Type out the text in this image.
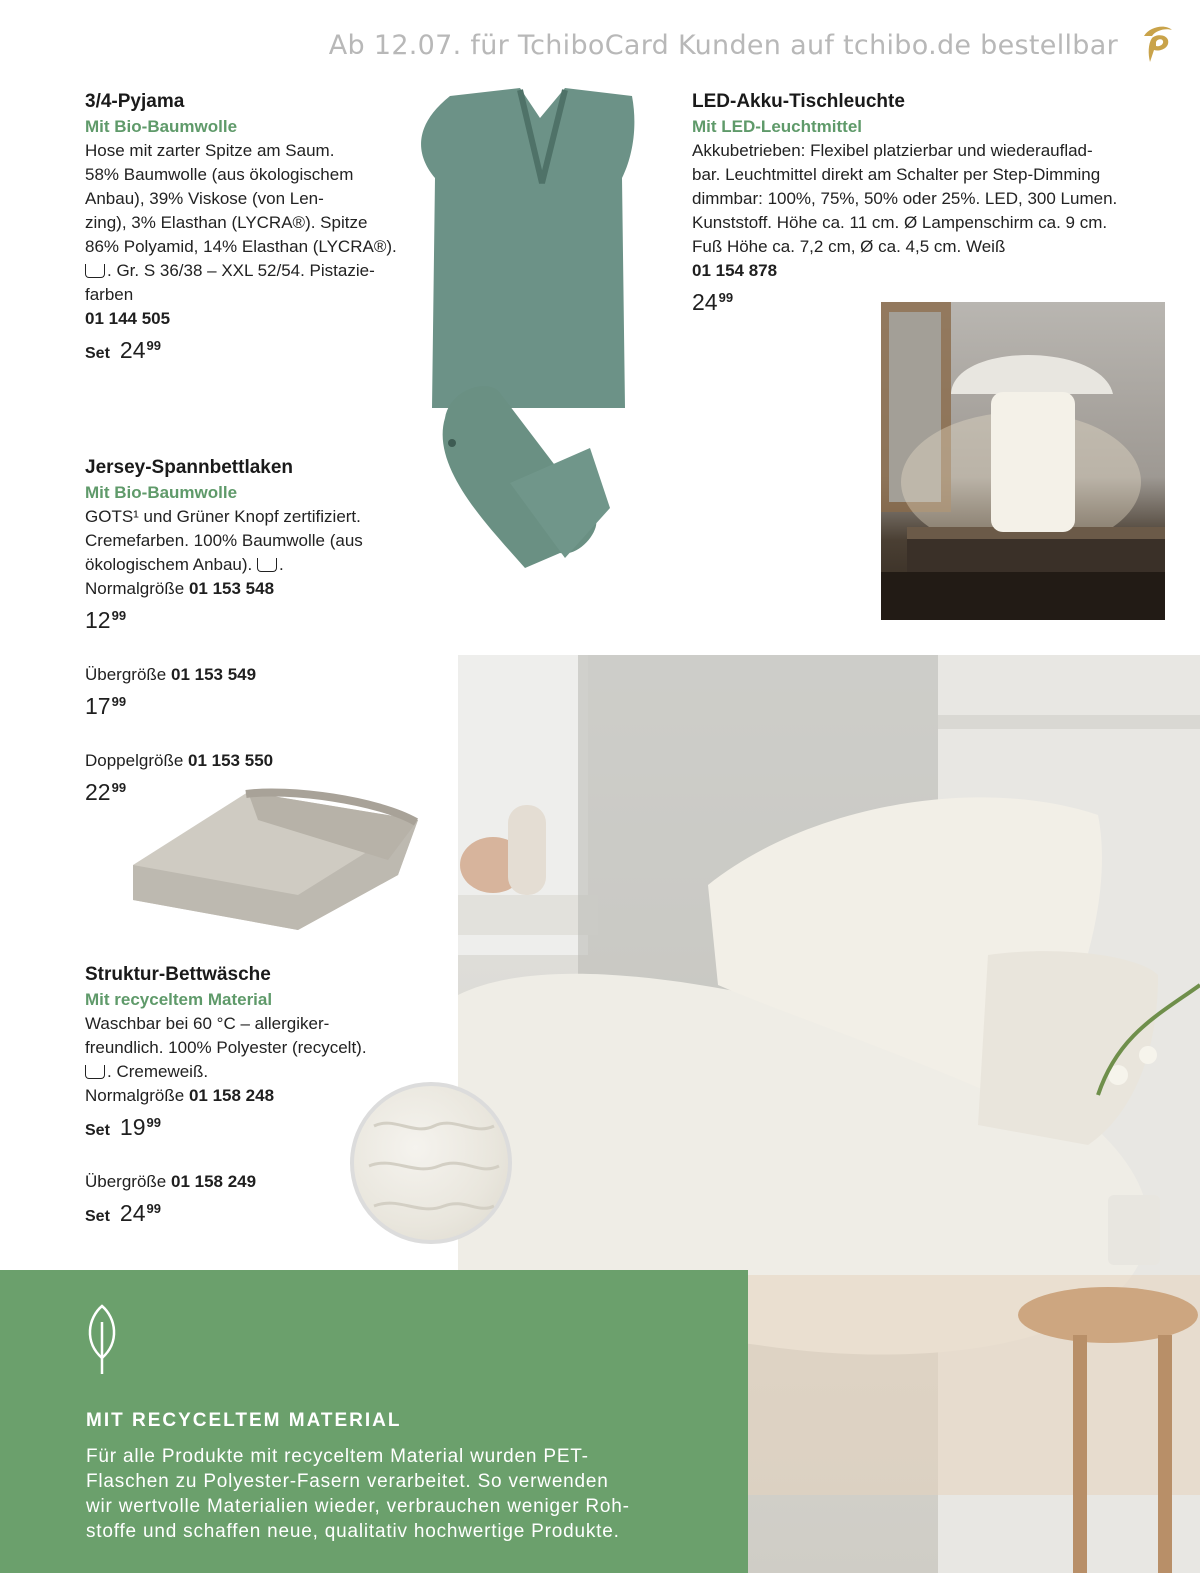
Ab 12.07. für TchiboCard Kunden auf tchibo.de bestellbar
3/4-Pyjama
Mit Bio-Baumwolle
Hose mit zarter Spitze am Saum.
58% Baumwolle (aus ökologischem
Anbau), 39% Viskose (von Len-
zing), 3% Elasthan (LYCRA®). Spitze
86% Polyamid, 14% Elasthan (LYCRA®).
. Gr. S 36/38 – XXL 52/54. Pistazie-
farben
01 144 505
Set 24 99
LED-Akku-Tischleuchte
Mit LED-Leuchtmittel
Akkubetrieben: Flexibel platzierbar und wiederauflad-
bar. Leuchtmittel direkt am Schalter per Step-Dimming
dimmbar: 100%, 75%, 50% oder 25%. LED, 300 Lumen.
Kunststoff. Höhe ca. 11 cm. Ø Lampenschirm ca. 9 cm.
Fuß Höhe ca. 7,2 cm, Ø ca. 4,5 cm. Weiß
01 154 878
24 99
Jersey-Spannbettlaken
Mit Bio-Baumwolle
GOTS¹ und Grüner Knopf zertifiziert.
Cremefarben. 100% Baumwolle (aus
ökologischem Anbau). .
Normalgröße 01 153 548
12 99
Übergröße 01 153 549
17 99
Doppelgröße 01 153 550
22 99
Struktur-Bettwäsche
Mit recyceltem Material
Waschbar bei 60 °C – allergiker-
freundlich. 100% Polyester (recycelt).
. Cremeweiß.
Normalgröße 01 158 248
Set 19 99
Übergröße 01 158 249
Set 24 99
MIT RECYCELTEM MATERIAL
Für alle Produkte mit recyceltem Material wurden PET-
Flaschen zu Polyester-Fasern verarbeitet. So verwenden
wir wertvolle Materialien wieder, verbrauchen weniger Roh-
stoffe und schaffen neue, qualitativ hochwertige Produkte.
